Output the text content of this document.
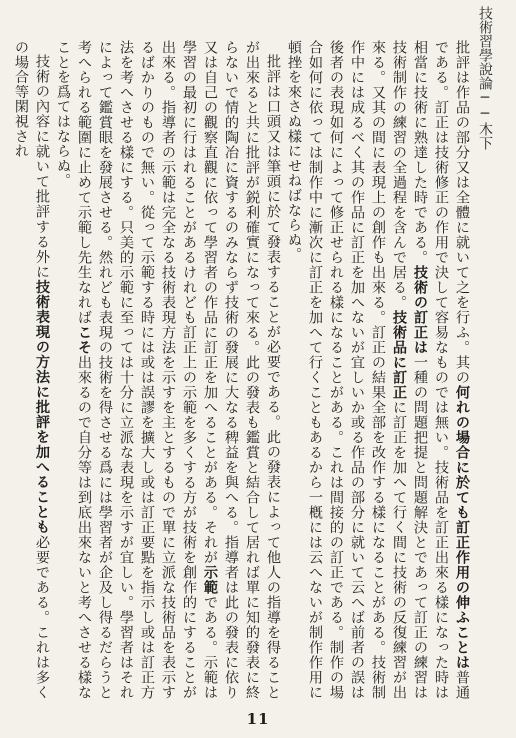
技術習學說論──木下

批評は作品の部分又は全體に就いて之を行ふ。其の何れの場合に於ても訂正作用の伸ふことは普通である。訂正は技術修正の作用で決して容易なものでは無い。技術品を訂正出來る樣になった時は相當に技術に熟達した時である。技術の訂正は一種の問題把提と問題解決とであって訂正の練習は技術制作の練習の全過程を含んで居る。技術品に訂正に訂正を加へて行く間に技術の反復練習が出來る。又其の間に表現上の創作も出來る。訂正の結果全部を改作する樣になることがある。技術制作中には成るべく其の作品に訂正を加へないが宜しいか或る作品の部分に就いて云へば前者の誤は後者の表現如何によって修正せられる樣になることがある。これは間接的の訂正である。制作の場合如何に依っては制作中に漸次に訂正を加へて行くこともあるから一槪には云へないが制作作用に頓挫を來さぬ樣にせねばならぬ。

批評は口頭又は筆頭に於て發表することが必要である。此の發表によって他人の指導を得ることが出來ると共に批評が鋭利確實になって來る。此の發表も鑑賞と結合して居れば單に知的發表に終らないで情的陶冶に資するのみならず技術の發展に大なる稗益を與へる。指導者は此の發表に依り又は自己の觀察直觀に依って學習者の作品に訂正を加へることがある。それが示範である。示範は學習の最初に行はれることがあるけれども訂正上の示範を多くする方が技術を創作的にすることが出來る。指導者の示範は完全なる技術表現方法を示すを主とするもので單に立派な技術品を表示するばかりのもので無い。從って示範する時には或は誤謬を擴大し或は訂正要點を指示し或は訂正方法を考へさせる樣にする。只美的示範に至っては十分に立派な表現を示すが宜しい。學習者はそれによって鑑賞眼を發展させる。然れども表現の技術を得させる爲には學習者が企及し得るだらうと考へられる範圍に止めて示範し先生なればこそ出來るので自分等は到底出來ないと考へさせる樣なことを爲てはならぬ。

技術の內容に就いて批評する外に技術表現の方法に批評を加へることも必要である。これは多くの場合等閑視され

11
